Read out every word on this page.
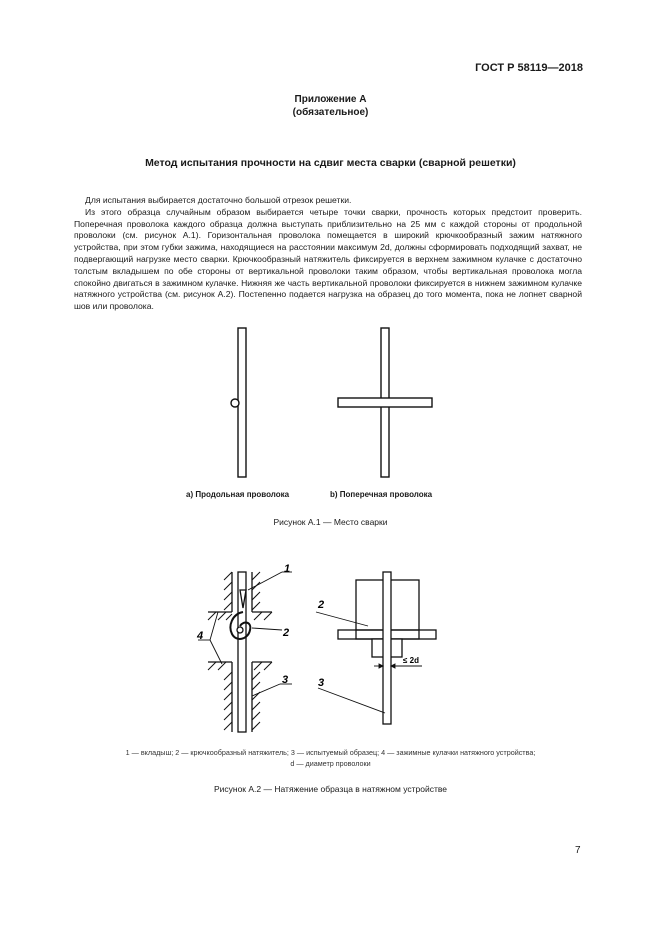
ГОСТ Р 58119—2018
Приложение А
(обязательное)
Метод испытания прочности на сдвиг места сварки (сварной решетки)

Для испытания выбирается достаточно большой отрезок решетки.

Из этого образца случайным образом выбирается четыре точки сварки, прочность которых предстоит проверить. Поперечная проволока каждого образца должна выступать приблизительно на 25 мм с каждой стороны от продольной проволоки (см. рисунок А.1). Горизонтальная проволока помещается в широкий крючкообразный зажим натяжного устройства, при этом губки зажима, находящиеся на расстоянии максимум 2d, должны сформировать подходящий захват, не подвергающий нагрузке место сварки. Крючкообразный натяжитель фиксируется в верхнем зажимном кулачке с достаточно толстым вкладышем по обе стороны от вертикальной проволоки таким образом, чтобы вертикальная проволока могла спокойно двигаться в зажимном кулачке. Нижняя же часть вертикальной проволоки фиксируется в нижнем зажимном кулачке натяжного устройства (см. рисунок А.2). Постепенно подается нагрузка на образец до того момента, пока не лопнет сварной шов или проволока.

1
2
3
4
2
3
≤ 2d
a) Продольная проволока	b) Поперечная проволока
Рисунок А.1 — Место сварки
1 — вкладыш; 2 — крючкообразный натяжитель; 3 — испытуемый образец; 4 — зажимные кулачки натяжного устройства;
d — диаметр проволоки
Рисунок А.2 — Натяжение образца в натяжном устройстве
7
